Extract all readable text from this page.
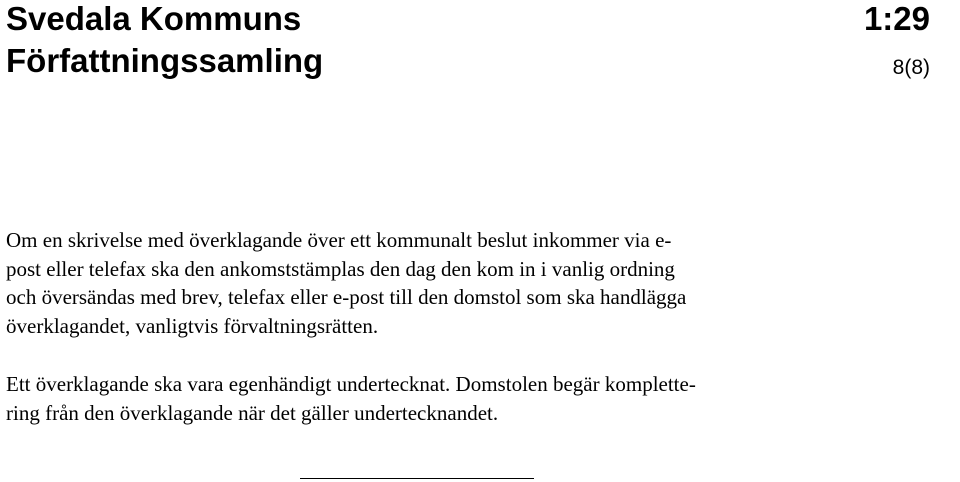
Svedala Kommuns
Författningssamling
1:29
8(8)
Om en skrivelse med överklagande över ett kommunalt beslut inkommer via e-
post eller telefax ska den ankomststämplas den dag den kom in i vanlig ordning
och översändas med brev, telefax eller e-post till den domstol som ska handlägga
överklagandet, vanligtvis förvaltningsrätten.
Ett överklagande ska vara egenhändigt undertecknat. Domstolen begär komplette-
ring från den överklagande när det gäller undertecknandet.
